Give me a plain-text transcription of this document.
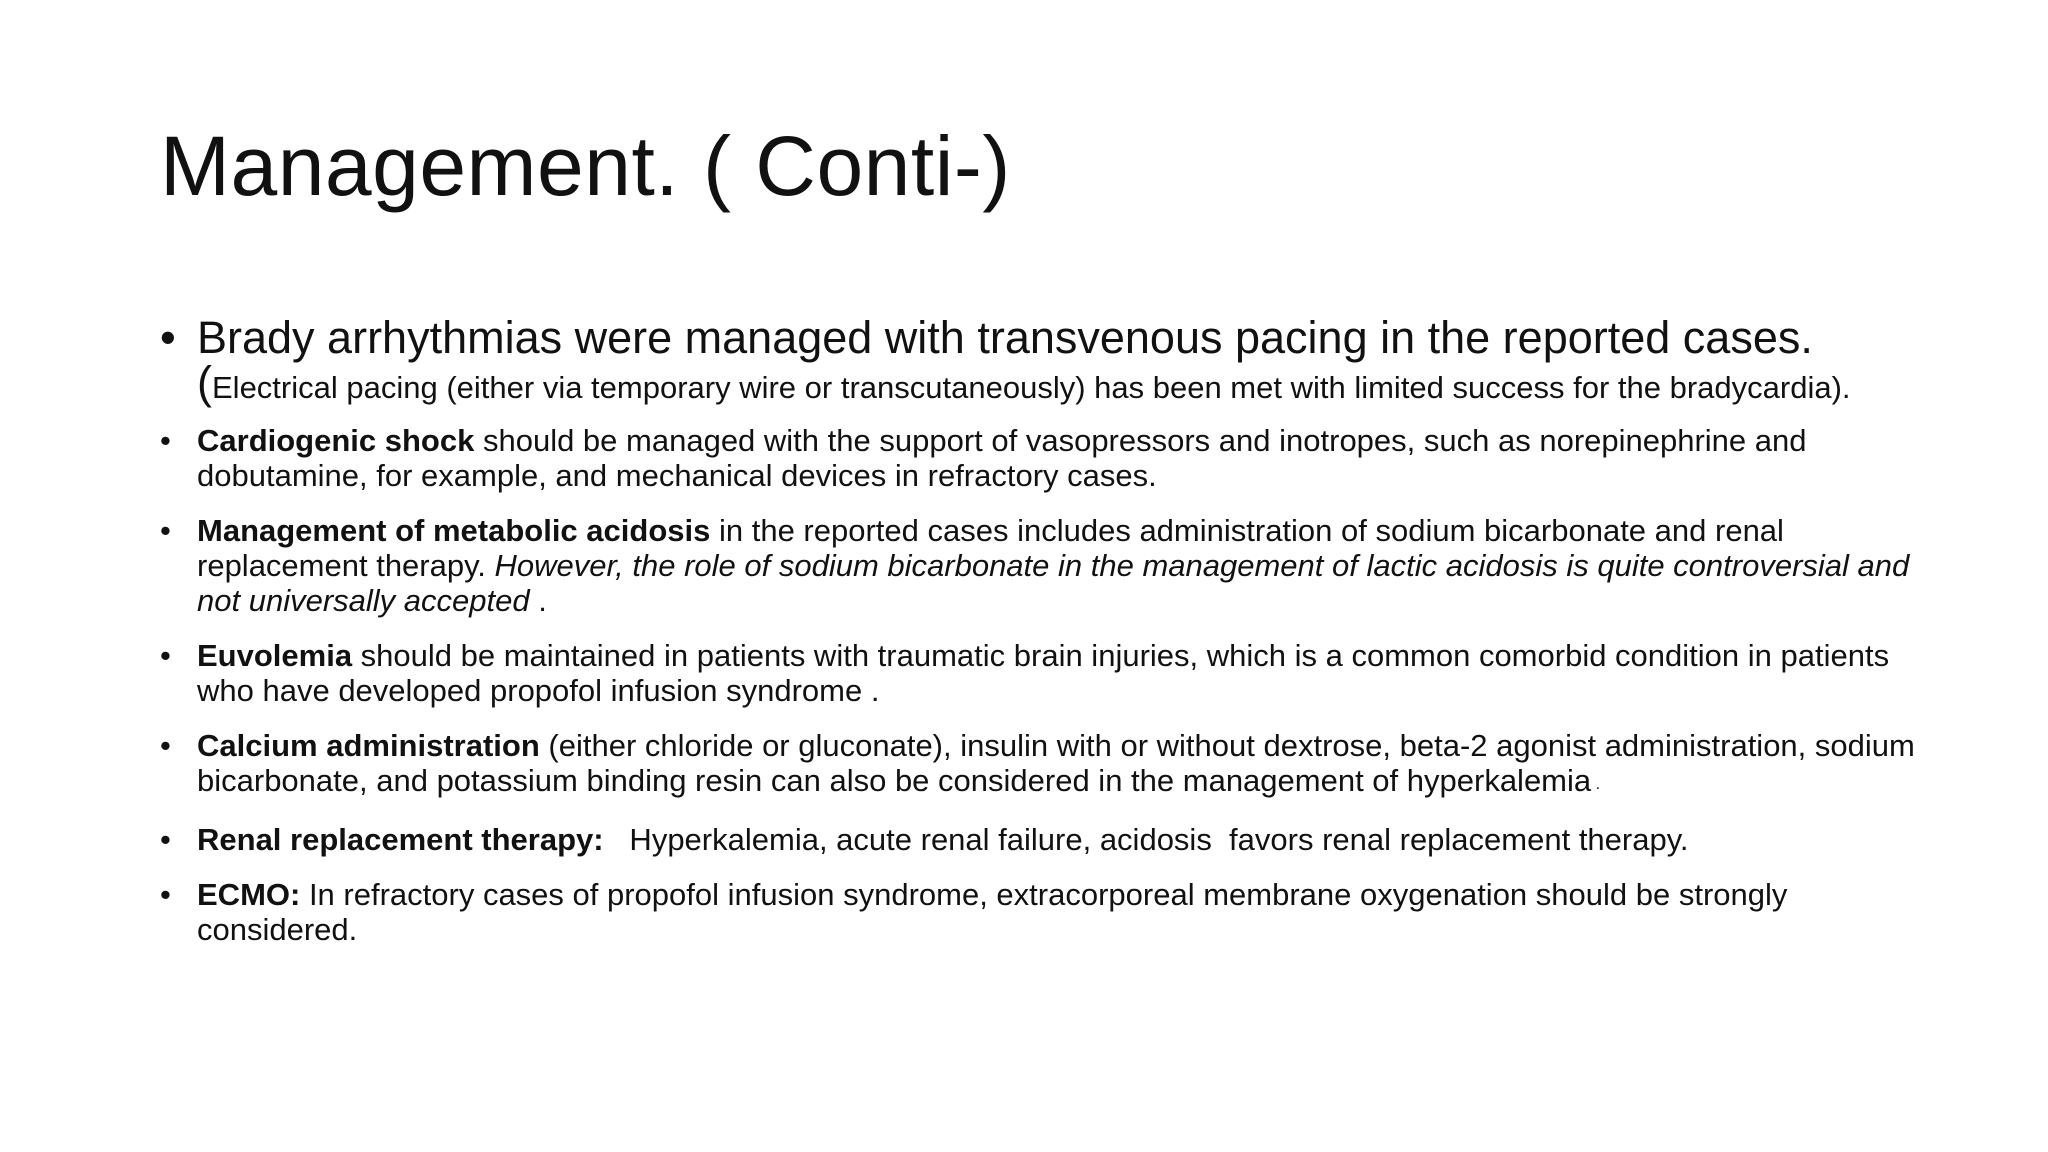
Management. ( Conti-)
• Brady arrhythmias were managed with transvenous pacing in the reported cases.
(Electrical pacing (either via temporary wire or transcutaneously) has been met with limited success for the bradycardia).
• Cardiogenic shock should be managed with the support of vasopressors and inotropes, such as norepinephrine and dobutamine, for example, and mechanical devices in refractory cases.
• Management of metabolic acidosis in the reported cases includes administration of sodium bicarbonate and renal replacement therapy. However, the role of sodium bicarbonate in the management of lactic acidosis is quite controversial and not universally accepted .
• Euvolemia should be maintained in patients with traumatic brain injuries, which is a common comorbid condition in patients who have developed propofol infusion syndrome .
• Calcium administration (either chloride or gluconate), insulin with or without dextrose, beta-2 agonist administration, sodium bicarbonate, and potassium binding resin can also be considered in the management of hyperkalemia .
• Renal replacement therapy:   Hyperkalemia, acute renal failure, acidosis  favors renal replacement therapy.
• ECMO: In refractory cases of propofol infusion syndrome, extracorporeal membrane oxygenation should be strongly considered.
